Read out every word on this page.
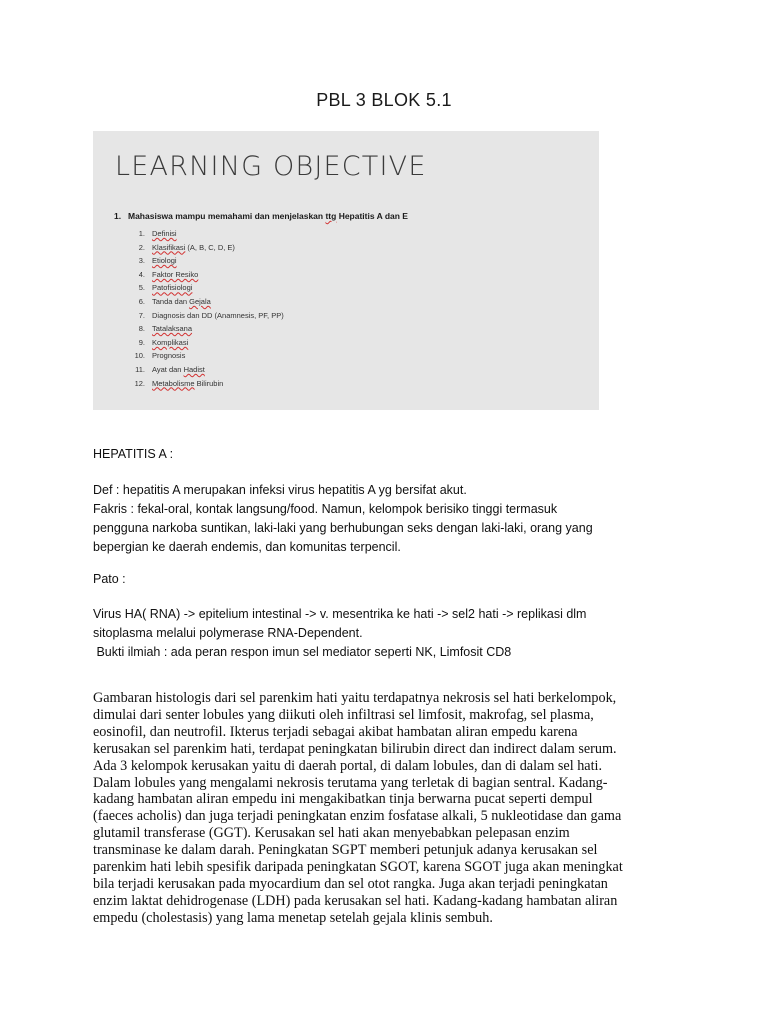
PBL 3 BLOK 5.1
LEARNING OBJECTIVE
1. Mahasiswa mampu memahami dan menjelaskan ttg Hepatitis A dan E
1. Definisi
2. Klasifikasi (A, B, C, D, E)
3. Etiologi
4. Faktor Resiko
5. Patofisiologi
6. Tanda dan Gejala
7. Diagnosis dan DD (Anamnesis, PF, PP)
8. Tatalaksana
9. Komplikasi
10. Prognosis
11. Ayat dan Hadist
12. Metabolisme Bilirubin
HEPATITIS A :
Def : hepatitis A merupakan infeksi virus hepatitis A yg bersifat akut.
Fakris : fekal-oral, kontak langsung/food. Namun, kelompok berisiko tinggi termasuk
pengguna narkoba suntikan, laki-laki yang berhubungan seks dengan laki-laki, orang yang
bepergian ke daerah endemis, dan komunitas terpencil.
Pato :
Virus HA( RNA) -> epitelium intestinal -> v. mesentrika ke hati -> sel2 hati -> replikasi dlm
sitoplasma melalui polymerase RNA-Dependent.
Bukti ilmiah : ada peran respon imun sel mediator seperti NK, Limfosit CD8
Gambaran histologis dari sel parenkim hati yaitu terdapatnya nekrosis sel hati berkelompok,
dimulai dari senter lobules yang diikuti oleh infiltrasi sel limfosit, makrofag, sel plasma,
eosinofil, dan neutrofil. Ikterus terjadi sebagai akibat hambatan aliran empedu karena
kerusakan sel parenkim hati, terdapat peningkatan bilirubin direct dan indirect dalam serum.
Ada 3 kelompok kerusakan yaitu di daerah portal, di dalam lobules, dan di dalam sel hati.
Dalam lobules yang mengalami nekrosis terutama yang terletak di bagian sentral. Kadang-
kadang hambatan aliran empedu ini mengakibatkan tinja berwarna pucat seperti dempul
(faeces acholis) dan juga terjadi peningkatan enzim fosfatase alkali, 5 nukleotidase dan gama
glutamil transferase (GGT). Kerusakan sel hati akan menyebabkan pelepasan enzim
transminase ke dalam darah. Peningkatan SGPT memberi petunjuk adanya kerusakan sel
parenkim hati lebih spesifik daripada peningkatan SGOT, karena SGOT juga akan meningkat
bila terjadi kerusakan pada myocardium dan sel otot rangka. Juga akan terjadi peningkatan
enzim laktat dehidrogenase (LDH) pada kerusakan sel hati. Kadang-kadang hambatan aliran
empedu (cholestasis) yang lama menetap setelah gejala klinis sembuh.
